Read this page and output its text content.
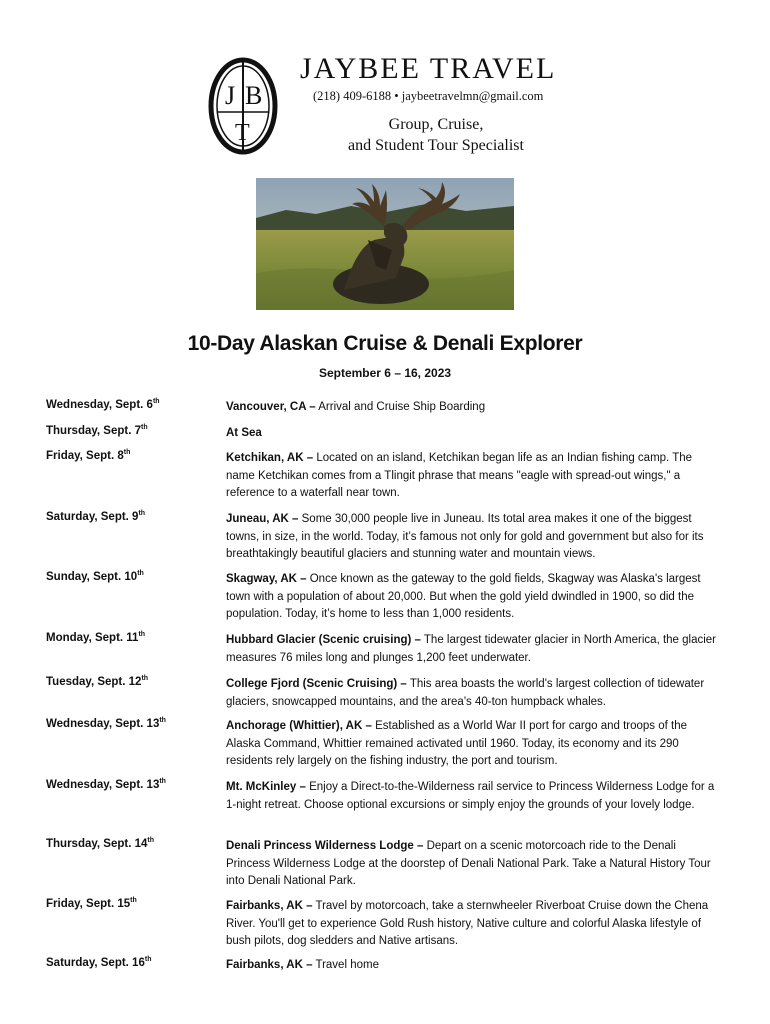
J B
T
JAYBEE TRAVEL
(218) 409-6188 • jaybeetravelmn@gmail.com
Group, Cruise,
and Student Tour Specialist
10-Day Alaskan Cruise & Denali Explorer
September 6 – 16, 2023
Wednesday, Sept. 6th	Vancouver, CA – Arrival and Cruise Ship Boarding
Thursday, Sept. 7th	At Sea
Friday, Sept. 8th	Ketchikan, AK – Located on an island, Ketchikan began life as an Indian fishing camp. The name Ketchikan comes from a Tlingit phrase that means "eagle with spread-out wings," a reference to a waterfall near town.
Saturday, Sept. 9th	Juneau, AK – Some 30,000 people live in Juneau. Its total area makes it one of the biggest towns, in size, in the world. Today, it’s famous not only for gold and government but also for its breathtakingly beautiful glaciers and stunning water and mountain views.
Sunday, Sept. 10th	Skagway, AK – Once known as the gateway to the gold fields, Skagway was Alaska's largest town with a population of about 20,000. But when the gold yield dwindled in 1900, so did the population. Today, it’s home to less than 1,000 residents.
Monday, Sept. 11th	Hubbard Glacier (Scenic cruising) – The largest tidewater glacier in North America, the glacier measures 76 miles long and plunges 1,200 feet underwater.
Tuesday, Sept. 12th	College Fjord (Scenic Cruising) – This area boasts the world's largest collection of tidewater glaciers, snowcapped mountains, and the area's 40-ton humpback whales.
Wednesday, Sept. 13th	Anchorage (Whittier), AK – Established as a World War II port for cargo and troops of the Alaska Command, Whittier remained activated until 1960. Today, its economy and its 290 residents rely largely on the fishing industry, the port and tourism.
Wednesday, Sept. 13th	Mt. McKinley – Enjoy a Direct-to-the-Wilderness rail service to Princess Wilderness Lodge for a 1-night retreat. Choose optional excursions or simply enjoy the grounds of your lovely lodge.
Thursday, Sept. 14th	Denali Princess Wilderness Lodge – Depart on a scenic motorcoach ride to the Denali Princess Wilderness Lodge at the doorstep of Denali National Park. Take a Natural History Tour into Denali National Park.
Friday, Sept. 15th	Fairbanks, AK – Travel by motorcoach, take a sternwheeler Riverboat Cruise down the Chena River. You'll get to experience Gold Rush history, Native culture and colorful Alaska lifestyle of bush pilots, dog sledders and Native artisans.
Saturday, Sept. 16th	Fairbanks, AK – Travel home
